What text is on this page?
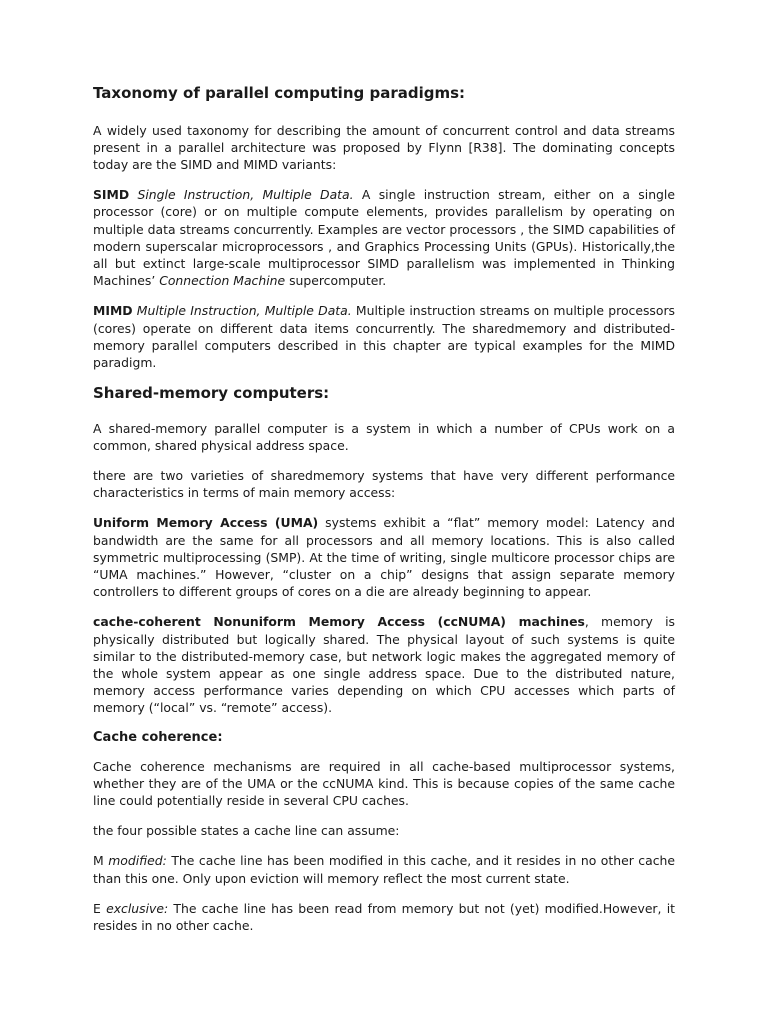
Taxonomy of parallel computing paradigms:

A widely used taxonomy for describing the amount of concurrent control and data streams present in a parallel architecture was proposed by Flynn [R38]. The dominating concepts today are the SIMD and MIMD variants:

SIMD Single Instruction, Multiple Data. A single instruction stream, either on a single processor (core) or on multiple compute elements, provides parallelism by operating on multiple data streams concurrently. Examples are vector processors , the SIMD capabilities of modern superscalar microprocessors , and Graphics Processing Units (GPUs). Historically,the all but extinct large-scale multiprocessor SIMD parallelism was implemented in Thinking Machines’ Connection Machine supercomputer.

MIMD Multiple Instruction, Multiple Data. Multiple instruction streams on multiple processors (cores) operate on different data items concurrently. The sharedmemory and distributed-memory parallel computers described in this chapter are typical examples for the MIMD paradigm.

Shared-memory computers:

A shared-memory parallel computer is a system in which a number of CPUs work on a common, shared physical address space.

there are two varieties of sharedmemory systems that have very different performance characteristics in terms of main memory access:

Uniform Memory Access (UMA) systems exhibit a “flat” memory model: Latency and bandwidth are the same for all processors and all memory locations. This is also called symmetric multiprocessing (SMP). At the time of writing, single multicore processor chips are “UMA machines.” However, “cluster on a chip” designs that assign separate memory controllers to different groups of cores on a die are already beginning to appear.

cache-coherent Nonuniform Memory Access (ccNUMA) machines, memory is physically distributed but logically shared. The physical layout of such systems is quite similar to the distributed-memory case, but network logic makes the aggregated memory of the whole system appear as one single address space. Due to the distributed nature, memory access performance varies depending on which CPU accesses which parts of memory (“local” vs. “remote” access).

Cache coherence:

Cache coherence mechanisms are required in all cache-based multiprocessor systems, whether they are of the UMA or the ccNUMA kind. This is because copies of the same cache line could potentially reside in several CPU caches.

the four possible states a cache line can assume:

M modified: The cache line has been modified in this cache, and it resides in no other cache than this one. Only upon eviction will memory reflect the most current state.

E exclusive: The cache line has been read from memory but not (yet) modified.However, it resides in no other cache.
